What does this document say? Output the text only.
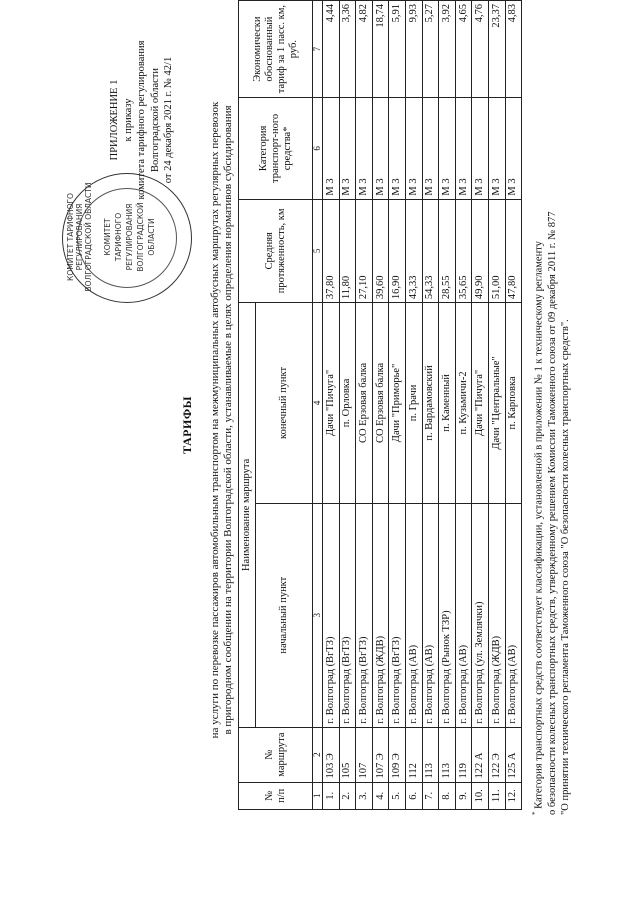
КОМИТЕТ ТАРИФНОГО РЕГУЛИРОВАНИЯ ВОЛГОГРАДСКОЙ ОБЛАСТИ КОМИТЕТ ТАРИФНОГО РЕГУЛИРОВАНИЯ ВОЛГОГРАДСКОЙ ОБЛАСТИ
ПРИЛОЖЕНИЕ 1 к приказу комитета тарифного регулирования Волгоградской области от 24 декабря 2021 г. № 42/1
ТАРИФЫ на услуги по перевозке пассажиров автомобильным транспортом на межмуниципальных автобусных маршрутах регулярных перевозок в пригородном сообщении на территории Волгоградской области, устанавливаемые в целях определения нормативов субсидирования
№ п/п	№ маршрута	Наименование маршрута		Средняя протяженность, км	Категория транспорт-ного средства*	Экономически обоснованный тариф за 1 пасс. км, руб.
		начальный пункт	конечный пункт			
1	2	3	4	5	6	7
1.	103 Э	г. Волгоград (ВгТЗ)	Дачи "Пичуга"	37,80	М 3	4,44
2.	105	г. Волгоград (ВгТЗ)	п. Орловка	11,80	М 3	3,36
3.	107	г. Волгоград (ВгТЗ)	СО Ерзовая балка	27,10	М 3	4,82
4.	107 Э	г. Волгоград (ЖДВ)	СО Ерзовая балка	39,60	М 3	18,74
5.	109 Э	г. Волгоград (ВгТЗ)	Дачи "Приморье"	16,90	М 3	5,91
6.	112	г. Волгоград (АВ)	п. Грачи	43,33	М 3	9,93
7.	113	г. Волгоград (АВ)	п. Вардамовский	54,33	М 3	5,27
8.	113	г. Волгоград (Рынок ТЗР)	п. Каменный	28,55	М 3	3,92
9.	119	г. Волгоград (АВ)	п. Кузьмичи-2	35,65	М 3	4,65
10.	122 А	г. Волгоград (ул. Землячки)	Дачи "Пичуга"	49,90	М 3	4,76
11.	122 Э	г. Волгоград (ЖДВ)	Дачи "Центральные"	51,00	М 3	23,37
12.	125 А	г. Волгоград (АВ)	п. Карповка	47,80	М 3	4,83
* Категория транспортных средств соответствует классификации, установленной в приложении № 1 к техническому регламенту о безопасности колесных транспортных средств, утвержденному решением Комиссии Таможенного союза от 09 декабря 2011 г. № 877 "О принятии технического регламента Таможенного союза "О безопасности колесных транспортных средств".
